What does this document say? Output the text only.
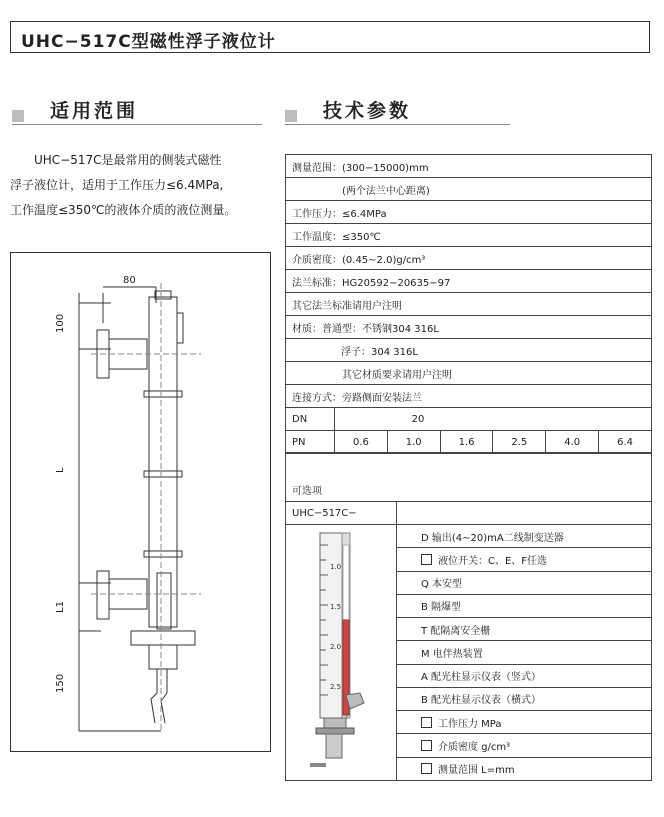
UHC−517C型磁性浮子液位计
适用范围	技术参数

UHC−517C是最常用的侧装式磁性

浮子液位计，适用于工作压力≤6.4MPa,

工作温度≤350℃的液体介质的液位测量。

80
100
L
L1
150
测量范围：(300−15000)mm						
(两个法兰中心距离)						
工作压力：≤6.4MPa						
工作温度：≤350℃						
介质密度：(0.45∼2.0)g/cm³						
法兰标准：HG20592−20635−97						
其它法兰标准请用户注明						
材质：普通型：不锈钢304 316L						
浮子：304 316L						
其它材质要求请用户注明						
连接方式：旁路侧面安装法兰						
DN	20					
PN	0.6	1.0	1.6	2.5	4.0	6.4
可选项	
UHC−517C−	

1.0
1.5
2.0
2.5	D 输出(4∼20)mA二线制变送器
	液位开关：C、E、F任选
	Q 本安型
	B 隔爆型
	T 配隔离安全栅
	M 电伴热装置
	A 配光柱显示仪表（竖式）
	B 配光柱显示仪表（横式）
	工作压力 MPa
	介质密度 g/cm³
	测量范围 L=mm
